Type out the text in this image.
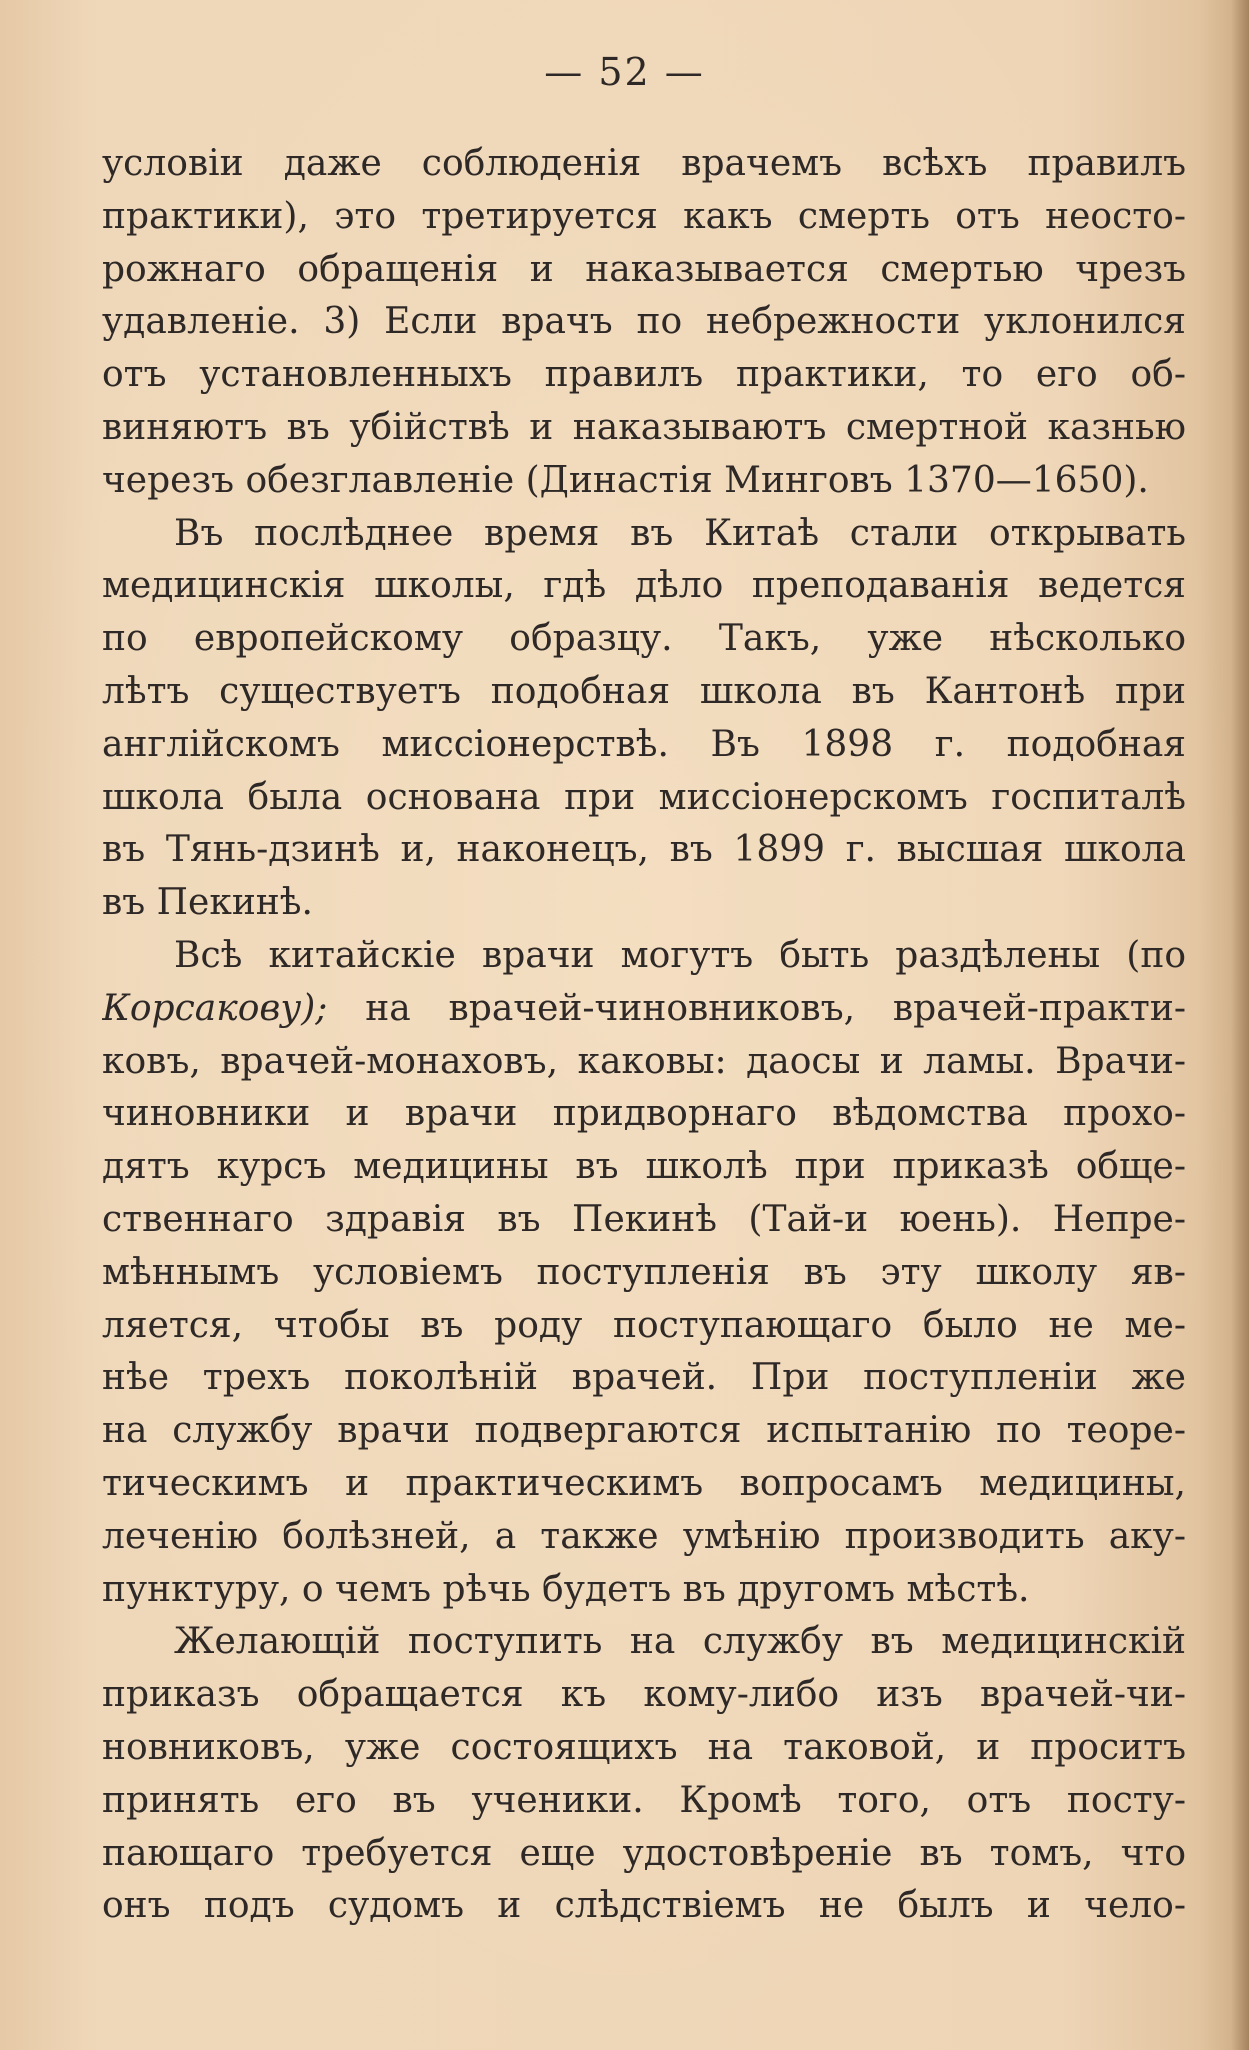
— 52 —
условіи даже соблюденія врачемъ всѣхъ правилъ
практики), это третируется какъ смерть отъ неосто-
рожнаго обращенія и наказывается смертью чрезъ
удавленіе. 3) Если врачъ по небрежности уклонился
отъ установленныхъ правилъ практики, то его об-
виняютъ въ убійствѣ и наказываютъ смертной казнью
черезъ обезглавленіе (Династія Минговъ 1370—1650).
Въ послѣднее время въ Китаѣ стали открывать
медицинскія школы, гдѣ дѣло преподаванія ведется
по европейскому образцу. Такъ, уже нѣсколько
лѣтъ существуетъ подобная школа въ Кантонѣ при
англійскомъ миссіонерствѣ. Въ 1898 г. подобная
школа была основана при миссіонерскомъ госпиталѣ
въ Тянь-дзинѣ и, наконецъ, въ 1899 г. высшая школа
въ Пекинѣ.
Всѣ китайскіе врачи могутъ быть раздѣлены (по
Корсакову); на врачей-чиновниковъ, врачей-практи-
ковъ, врачей-монаховъ, каковы: даосы и ламы. Врачи-
чиновники и врачи придворнаго вѣдомства прохо-
дятъ курсъ медицины въ школѣ при приказѣ обще-
ственнаго здравія въ Пекинѣ (Тай-и юень). Непре-
мѣннымъ условіемъ поступленія въ эту школу яв-
ляется, чтобы въ роду поступающаго было не ме-
нѣе трехъ поколѣній врачей. При поступленіи же
на службу врачи подвергаются испытанію по теоре-
тическимъ и практическимъ вопросамъ медицины,
леченію болѣзней, а также умѣнію производить аку-
пунктуру, о чемъ рѣчь будетъ въ другомъ мѣстѣ.
Желающій поступить на службу въ медицинскій
приказъ обращается къ кому-либо изъ врачей-чи-
новниковъ, уже состоящихъ на таковой, и проситъ
принять его въ ученики. Кромѣ того, отъ посту-
пающаго требуется еще удостовѣреніе въ томъ, что
онъ подъ судомъ и слѣдствіемъ не былъ и чело-
